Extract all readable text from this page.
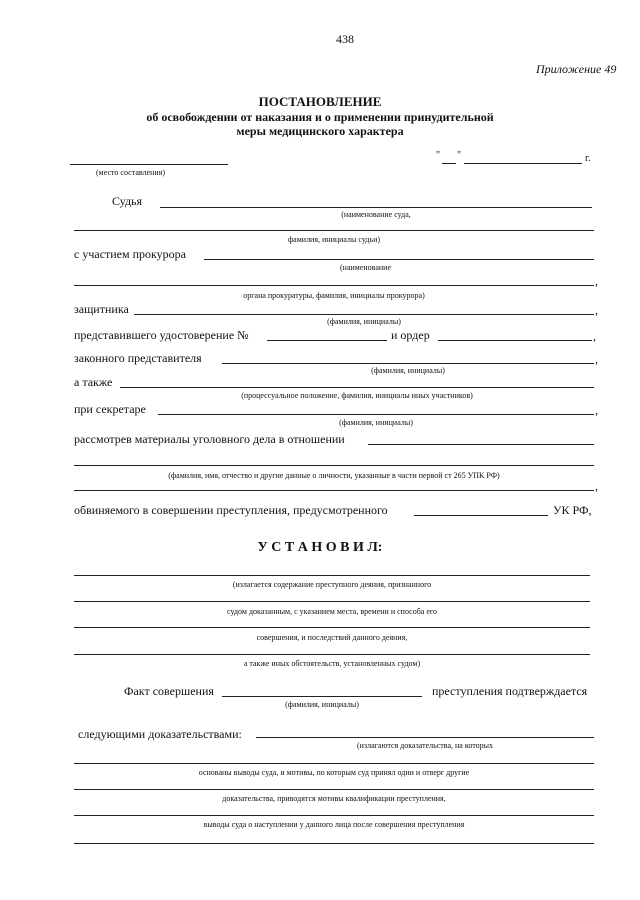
438
Приложение 49
ПОСТАНОВЛЕНИЕ
об освобождении от наказания и о применении принудительной
меры медицинского характера
(место составления)
" "	г.
Судья
(наименование суда,
фамилия, инициалы судьи)
с участием прокурора
(наименование
,
органа прокуратуры, фамилия, инициалы прокурора)
защитника	,
(фамилия, инициалы)
представившего удостоверение №	и ордер	,
законного представителя	,
(фамилия, инициалы)
а также
(процессуальное положение, фамилия, инициалы иных участников)
при секретаре	,
(фамилия, инициалы)
рассмотрев материалы уголовного дела в отношении
(фамилия, имя, отчество и другие данные о личности, указанные в части первой ст 265 УПК РФ)
,
обвиняемого в совершении преступления, предусмотренного	УК РФ,
У С Т А Н О В И Л:
(излагается содержание преступного деяния, признанного
судом доказанным, с указанием места, времени и способа его
совершения, и последствий данного деяния,
а также иных обстоятельств, установленных судом)
Факт совершения	преступления подтверждается
(фамилия, инициалы)
следующими доказательствами:
(излагаются доказательства, на которых
основаны выводы суда, и мотивы, по которым суд принял одни и отверг другие
доказательства, приводятся мотивы квалификации преступления,
выводы суда о наступлении у данного лица после совершения преступления
